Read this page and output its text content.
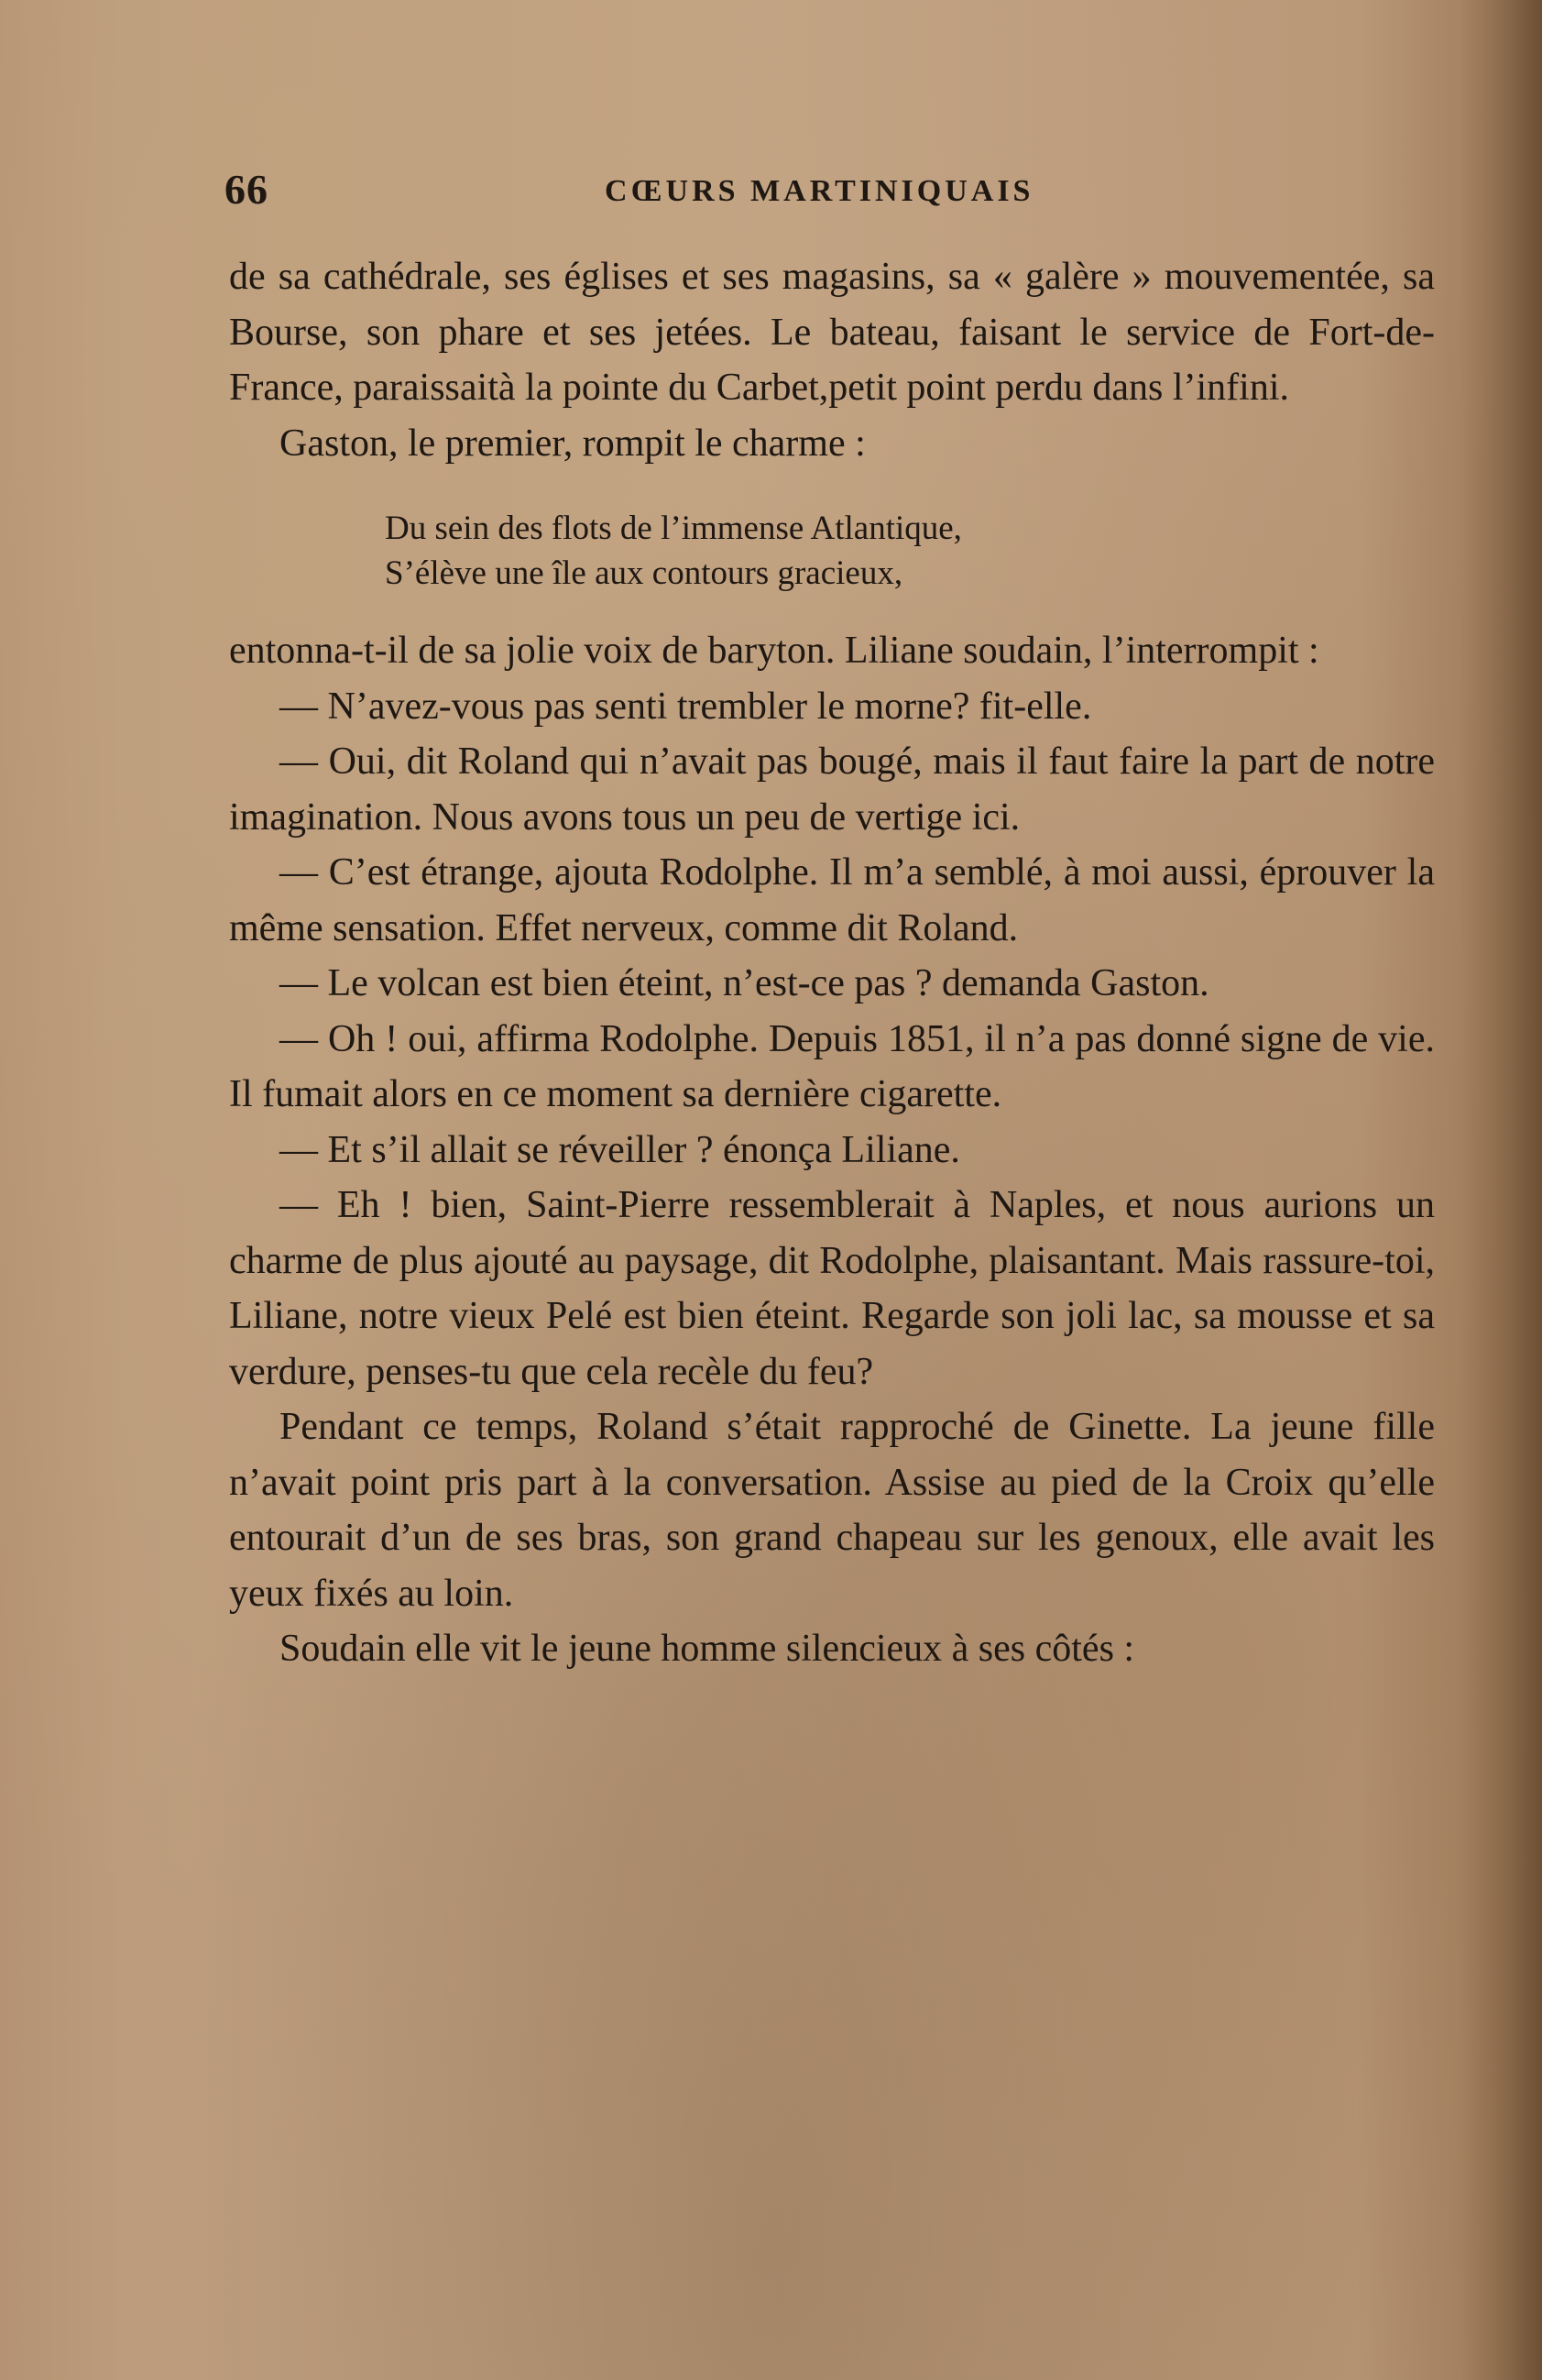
66	CŒURS MARTINIQUAIS

de sa cathédrale, ses églises et ses magasins, sa « galère » mouvementée, sa Bourse, son phare et ses jetées. Le bateau, faisant le service de Fort-de-France, paraissaità la pointe du Carbet,petit point perdu dans l’infini.

Gaston, le premier, rompit le charme :

Du sein des flots de l’immense Atlantique,
S’élève une île aux contours gracieux,

entonna-t-il de sa jolie voix de baryton. Liliane soudain, l’interrompit :

— N’avez-vous pas senti trembler le morne? fit-elle.

— Oui, dit Roland qui n’avait pas bougé, mais il faut faire la part de notre imagination. Nous avons tous un peu de vertige ici.

— C’est étrange, ajouta Rodolphe. Il m’a semblé, à moi aussi, éprouver la même sensation. Effet nerveux, comme dit Roland.

— Le volcan est bien éteint, n’est-ce pas ? demanda Gaston.

— Oh ! oui, affirma Rodolphe. Depuis 1851, il n’a pas donné signe de vie. Il fumait alors en ce moment sa dernière cigarette.

— Et s’il allait se réveiller ? énonça Liliane.

— Eh ! bien, Saint-Pierre ressemblerait à Naples, et nous aurions un charme de plus ajouté au paysage, dit Rodolphe, plaisantant. Mais rassure-toi, Liliane, notre vieux Pelé est bien éteint. Regarde son joli lac, sa mousse et sa verdure, penses-tu que cela recèle du feu?

Pendant ce temps, Roland s’était rapproché de Ginette. La jeune fille n’avait point pris part à la conversation. Assise au pied de la Croix qu’elle entourait d’un de ses bras, son grand chapeau sur les genoux, elle avait les yeux fixés au loin.

Soudain elle vit le jeune homme silencieux à ses côtés :
